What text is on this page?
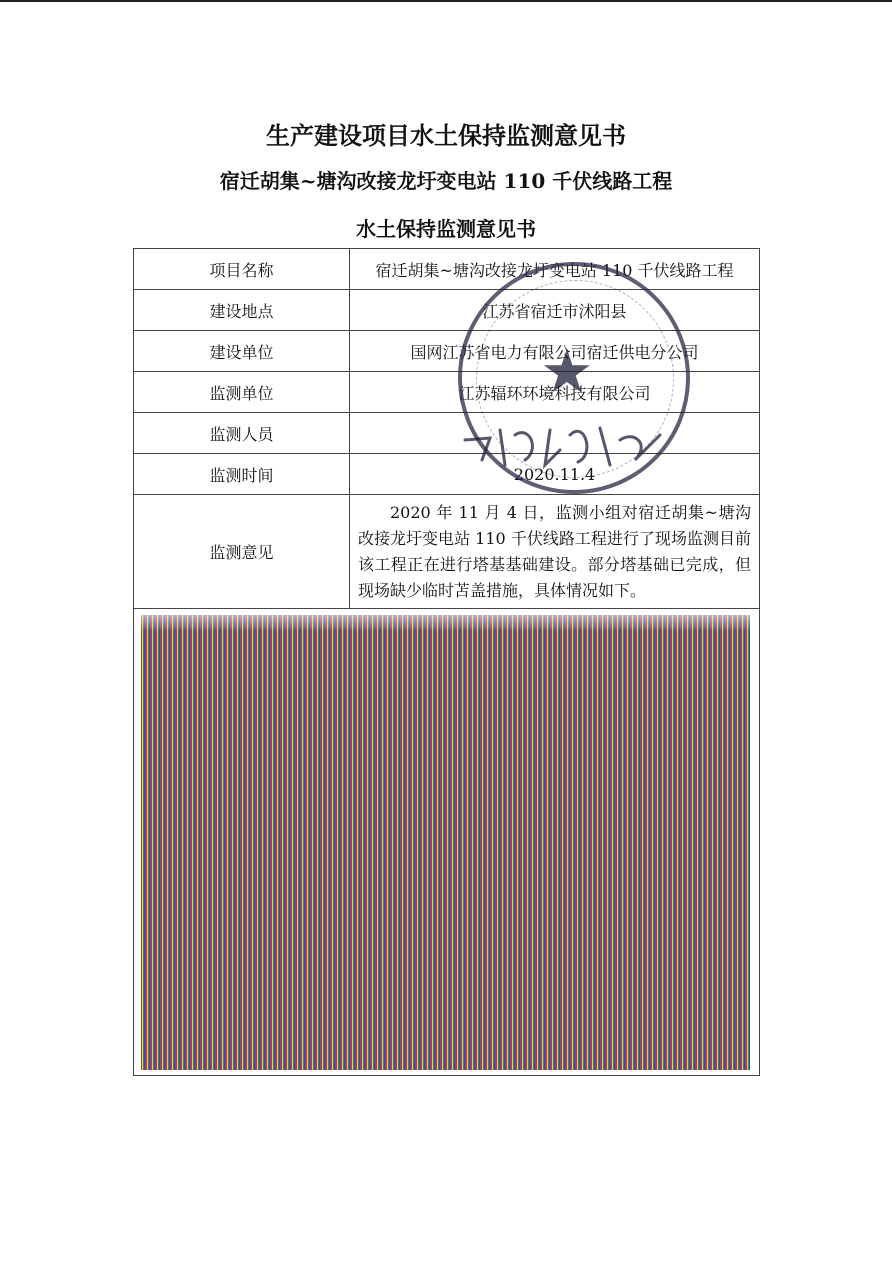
生产建设项目水土保持监测意见书
宿迁胡集~塘沟改接龙圩变电站 110 千伏线路工程
水土保持监测意见书
项目名称	宿迁胡集~塘沟改接龙圩变电站 110 千伏线路工程
建设地点	江苏省宿迁市沭阳县
建设单位	国网江苏省电力有限公司宿迁供电分公司
监测单位	江苏辐环环境科技有限公司
监测人员	
监测时间	2020.11.4
监测意见	2020 年 11 月 4 日，监测小组对宿迁胡集~塘沟改接龙圩变电站 110 千伏线路工程进行了现场监测目前该工程正在进行塔基基础建设。部分塔基础已完成，但现场缺少临时苫盖措施，具体情况如下。

★
